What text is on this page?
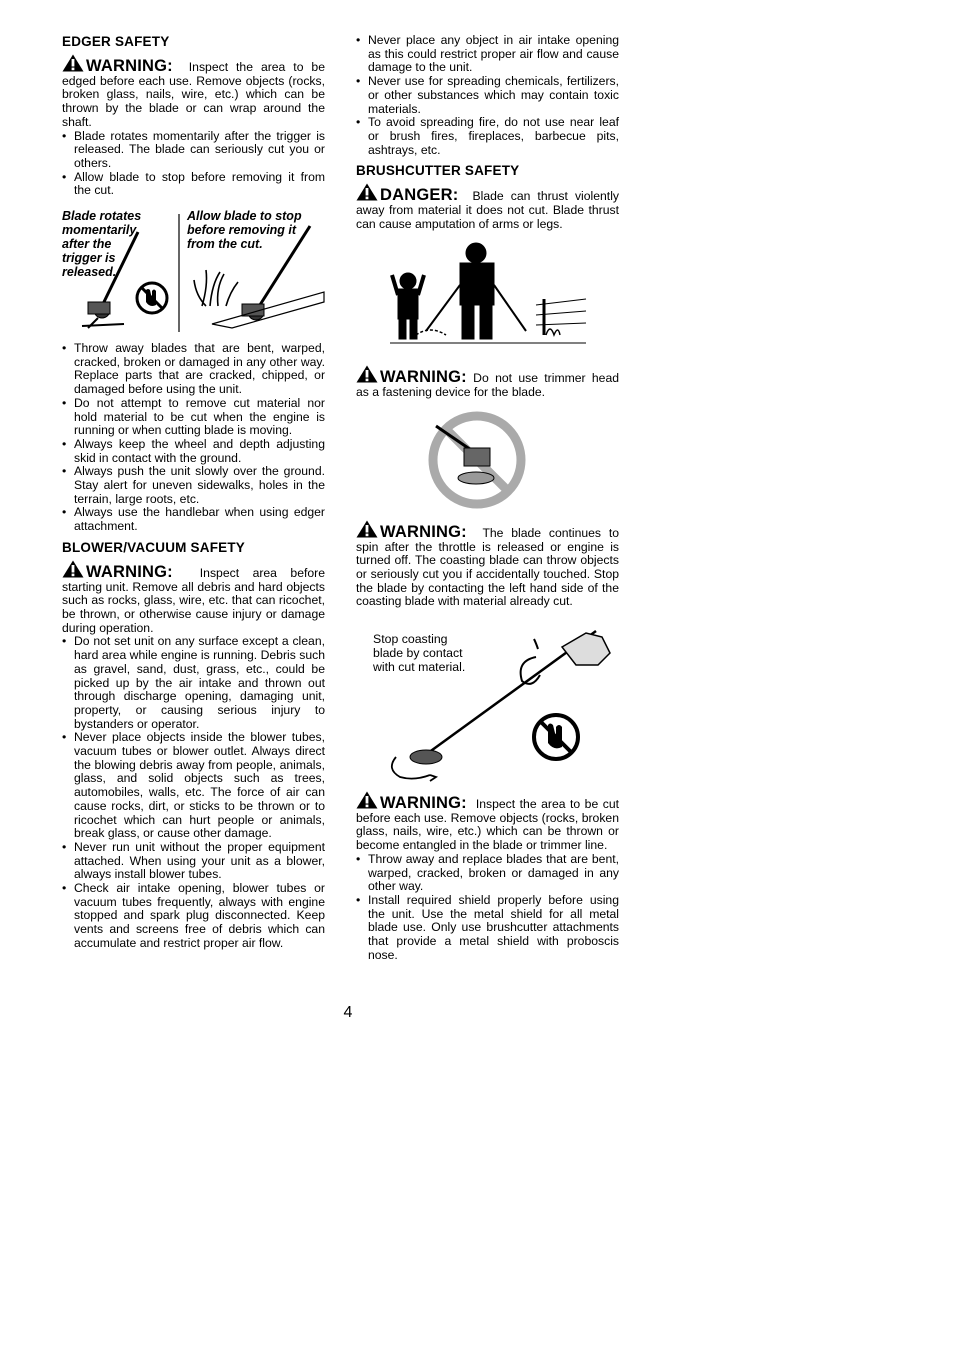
EDGER SAFETY

WARNING: Inspect the area to be edged before each use. Remove objects (rocks, broken glass, nails, wire, etc.) which can be thrown by the blade or can wrap around the shaft.

• Blade rotates momentarily after the trigger is released. The blade can seriously cut you or others.
• Allow blade to stop before removing it from the cut.
Blade rotates
momentarily
after the
trigger is
released.
Allow blade to stop
before removing it
from the cut.
• Throw away blades that are bent, warped, cracked, broken or damaged in any other way. Replace parts that are cracked, chipped, or damaged before using the unit.
• Do not attempt to remove cut material nor hold material to be cut when the engine is running or when cutting blade is moving.
• Always keep the wheel and depth adjusting skid in contact with the ground.
• Always push the unit slowly over the ground. Stay alert for uneven sidewalks, holes in the terrain, large roots, etc.
• Always use the handlebar when using edger attachment.
BLOWER/VACUUM SAFETY

WARNING: Inspect area before starting unit. Remove all debris and hard objects such as rocks, glass, wire, etc. that can ricochet, be thrown, or otherwise cause injury or damage during operation.

• Do not set unit on any surface except a clean, hard area while engine is running. Debris such as gravel, sand, dust, grass, etc., could be picked up by the air intake and thrown out through discharge opening, damaging unit, property, or causing serious injury to bystanders or operator.
• Never place objects inside the blower tubes, vacuum tubes or blower outlet. Always direct the blowing debris away from people, animals, glass, and solid objects such as trees, automobiles, walls, etc. The force of air can cause rocks, dirt, or sticks to be thrown or to ricochet which can hurt people or animals, break glass, or cause other damage.
• Never run unit without the proper equipment attached. When using your unit as a blower, always install blower tubes.
• Check air intake opening, blower tubes or vacuum tubes frequently, always with engine stopped and spark plug disconnected. Keep vents and screens free of debris which can accumulate and restrict proper air flow.
• Never place any object in air intake opening as this could restrict proper air flow and cause damage to the unit.
• Never use for spreading chemicals, fertilizers, or other substances which may contain toxic materials.
• To avoid spreading fire, do not use near leaf or brush fires, fireplaces, barbecue pits, ashtrays, etc.
BRUSHCUTTER SAFETY

DANGER: Blade can thrust violently away from material it does not cut. Blade thrust can cause amputation of arms or legs.

WARNING: Do not use trimmer head as a fastening device for the blade.

WARNING: The blade continues to spin after the throttle is released or engine is turned off. The coasting blade can throw objects or seriously cut you if accidentally touched. Stop the blade by contacting the left hand side of the coasting blade with material already cut.

Stop coasting
blade by contact
with cut material.

WARNING: Inspect the area to be cut before each use. Remove objects (rocks, broken glass, nails, wire, etc.) which can be thrown or become entangled in the blade or trimmer line.

• Throw away and replace blades that are bent, warped, cracked, broken or damaged in any other way.
• Install required shield properly before using the unit. Use the metal shield for all metal blade use. Only use brushcutter attachments that provide a metal shield with proboscis nose.
4
